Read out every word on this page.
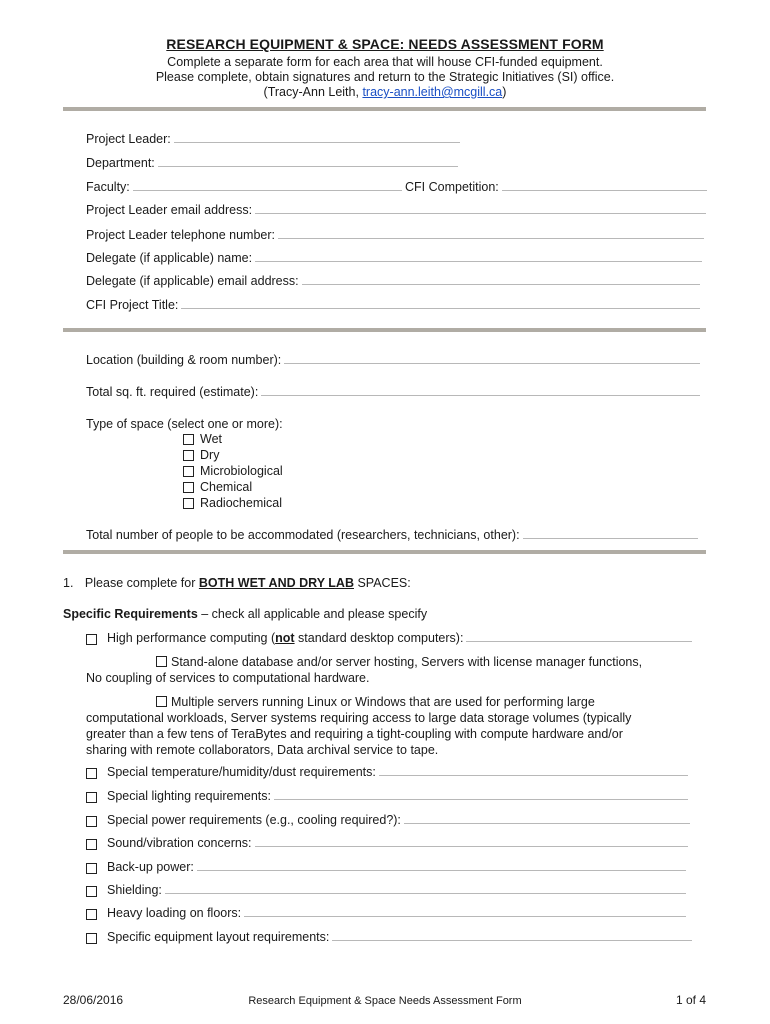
RESEARCH EQUIPMENT & SPACE: NEEDS ASSESSMENT FORM
Complete a separate form for each area that will house CFI-funded equipment.
Please complete, obtain signatures and return to the Strategic Initiatives (SI) office.
(Tracy-Ann Leith, tracy-ann.leith@mcgill.ca)
Project Leader:
Department:
Faculty:	CFI Competition:
Project Leader email address:
Project Leader telephone number:
Delegate (if applicable) name:
Delegate (if applicable) email address:
CFI Project Title:
Location (building & room number):
Total sq. ft. required (estimate):
Type of space (select one or more):
Wet
Dry
Microbiological
Chemical
Radiochemical
Total number of people to be accommodated (researchers, technicians, other):
1. Please complete for BOTH WET AND DRY LAB SPACES:
Specific Requirements – check all applicable and please specify
High performance computing (not standard desktop computers):
Stand-alone database and/or server hosting, Servers with license manager functions,
No coupling of services to computational hardware.
Multiple servers running Linux or Windows that are used for performing large
computational workloads, Server systems requiring access to large data storage volumes (typically
greater than a few tens of TeraBytes and requiring a tight-coupling with compute hardware and/or
sharing with remote collaborators, Data archival service to tape.
Special temperature/humidity/dust requirements:
Special lighting requirements:
Special power requirements (e.g., cooling required?):
Sound/vibration concerns:
Back-up power:
Shielding:
Heavy loading on floors:
Specific equipment layout requirements:
28/06/2016	Research Equipment & Space Needs Assessment Form	1 of 4
